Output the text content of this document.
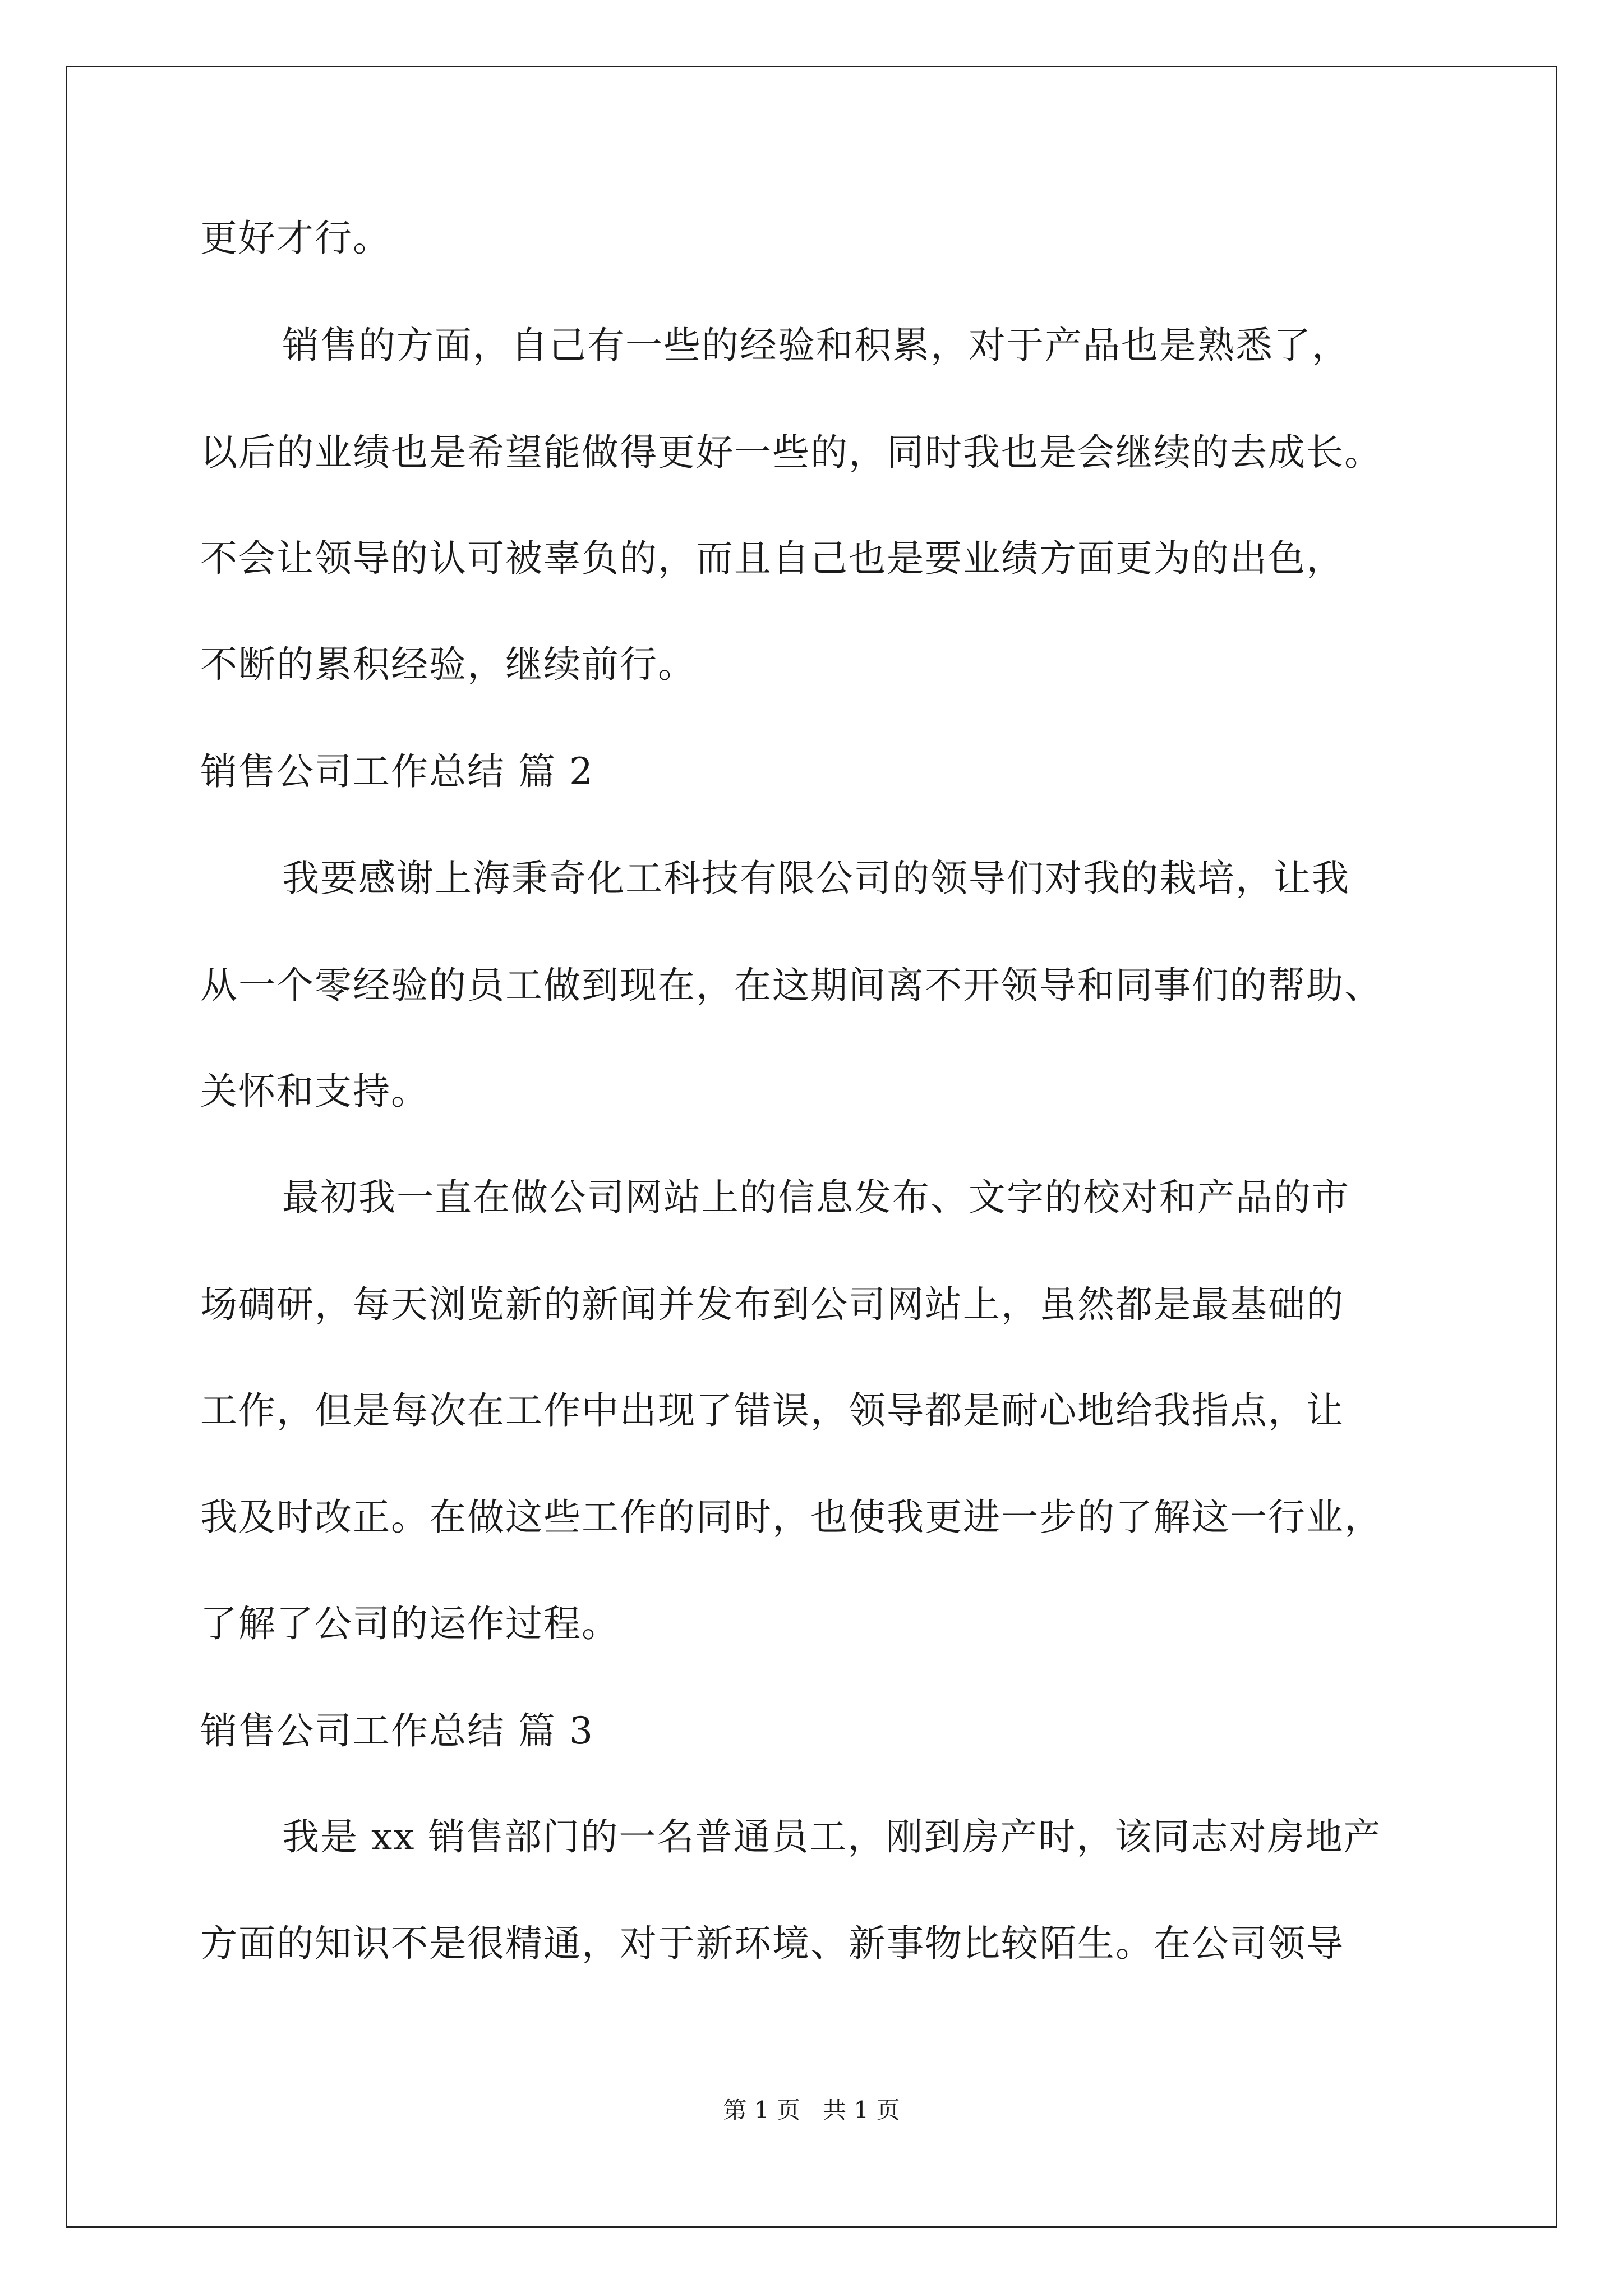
更好才行。
销售的方面，自己有一些的经验和积累，对于产品也是熟悉了，
以后的业绩也是希望能做得更好一些的，同时我也是会继续的去成长。
不会让领导的认可被辜负的，而且自己也是要业绩方面更为的出色，
不断的累积经验，继续前行。
销售公司工作总结 篇 2
我要感谢上海秉奇化工科技有限公司的领导们对我的栽培，让我
从一个零经验的员工做到现在，在这期间离不开领导和同事们的帮助、
关怀和支持。
最初我一直在做公司网站上的信息发布、文字的校对和产品的市
场碉研，每天浏览新的新闻并发布到公司网站上，虽然都是最基础的
工作，但是每次在工作中出现了错误，领导都是耐心地给我指点，让
我及时改正。在做这些工作的同时，也使我更进一步的了解这一行业，
了解了公司的运作过程。
销售公司工作总结 篇 3
我是 xx 销售部门的一名普通员工，刚到房产时，该同志对房地产
方面的知识不是很精通，对于新环境、新事物比较陌生。在公司领导
第 1 页   共 1 页
